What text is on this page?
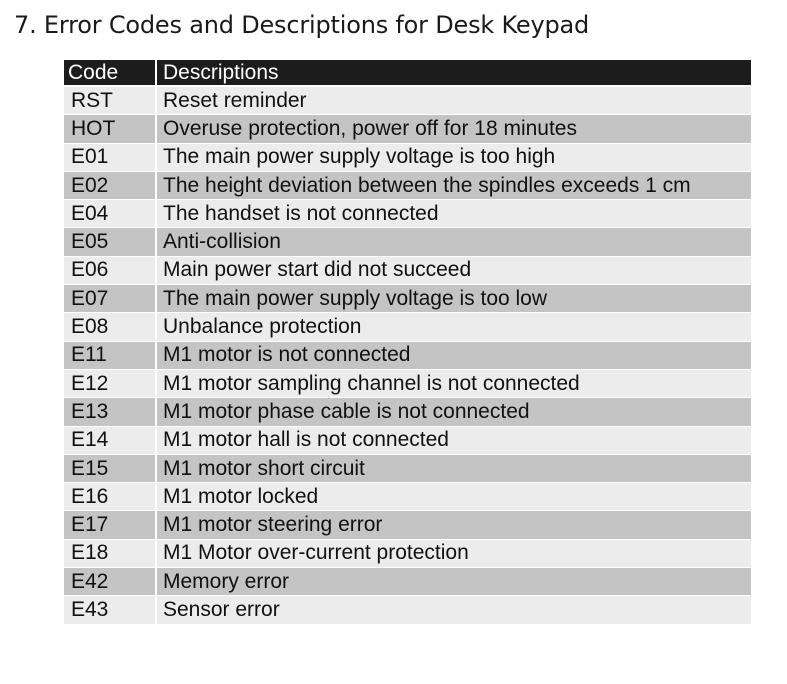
7. Error Codes and Descriptions for Desk Keypad
Code	Descriptions
RST	Reset reminder
HOT	Overuse protection, power off for 18 minutes
E01	The main power supply voltage is too high
E02	The height deviation between the spindles exceeds 1 cm
E04	The handset is not connected
E05	Anti-collision
E06	Main power start did not succeed
E07	The main power supply voltage is too low
E08	Unbalance protection
E11	M1 motor is not connected
E12	M1 motor sampling channel is not connected
E13	M1 motor phase cable is not connected
E14	M1 motor hall is not connected
E15	M1 motor short circuit
E16	M1 motor locked
E17	M1 motor steering error
E18	M1 Motor over-current protection
E42	Memory error
E43	Sensor error
